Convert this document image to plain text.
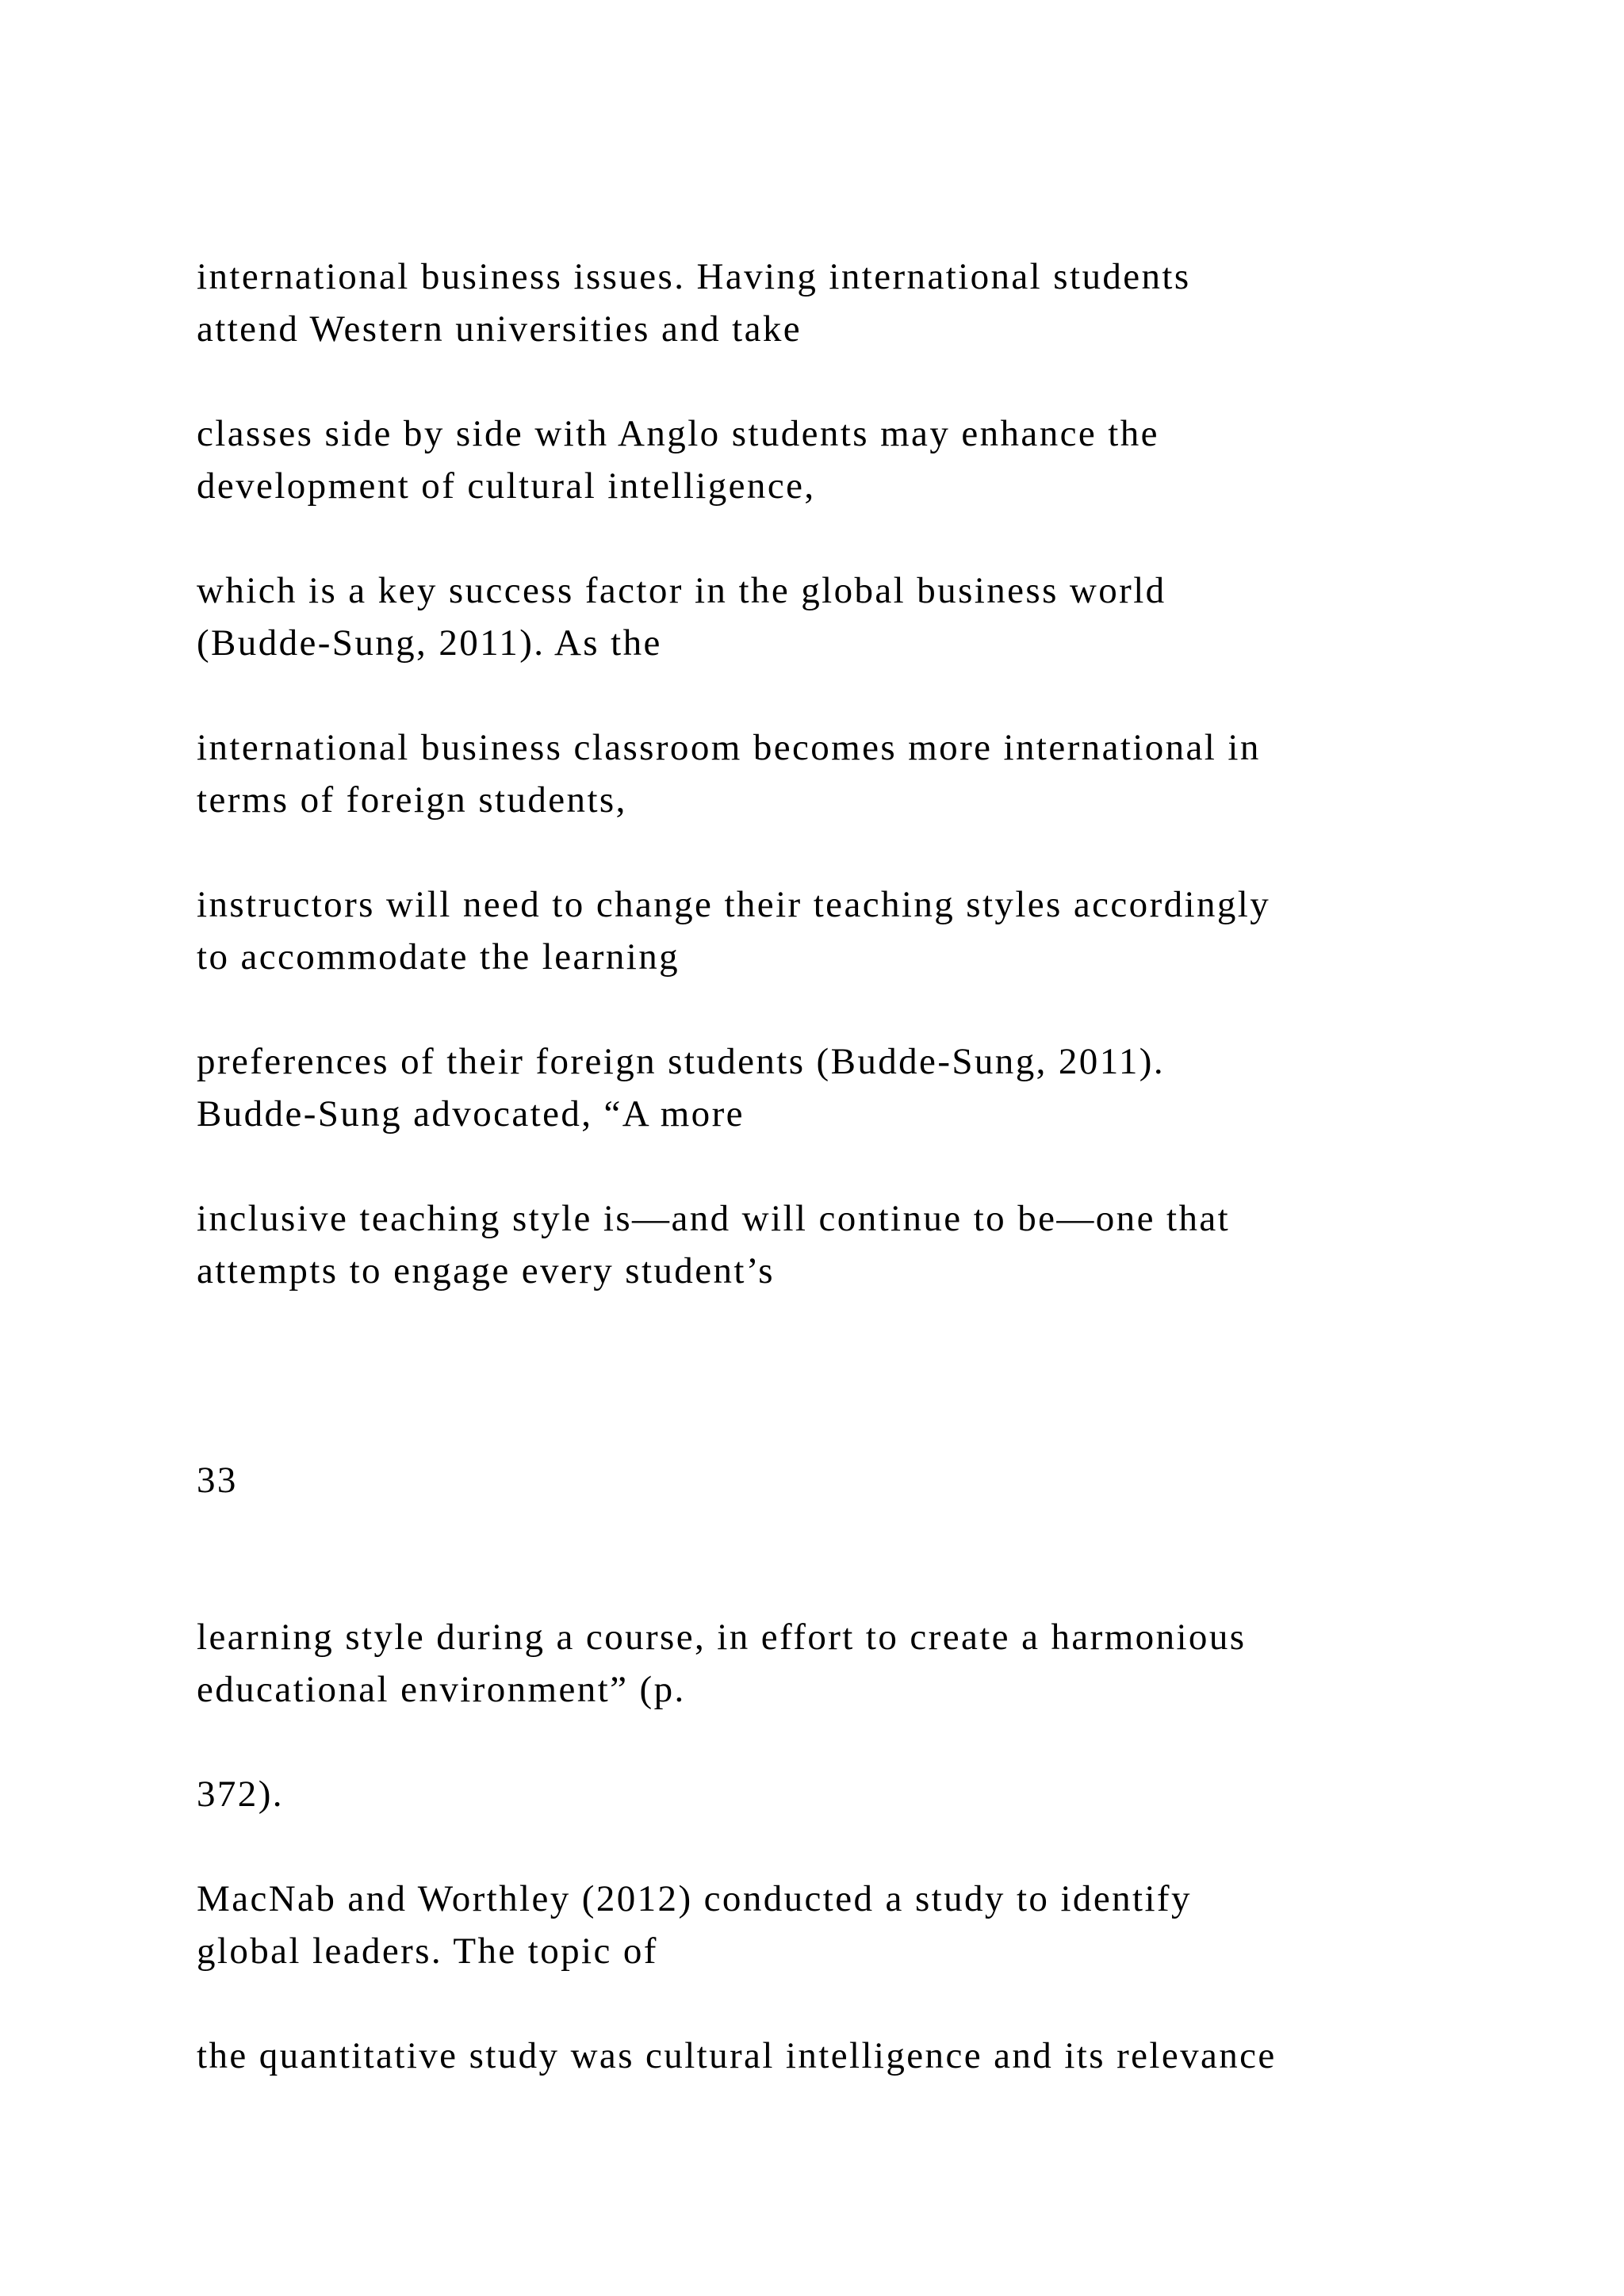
international business issues. Having international students

attend Western universities and take

classes side by side with Anglo students may enhance the

development of cultural intelligence,

which is a key success factor in the global business world

(Budde-Sung, 2011). As the

international business classroom becomes more international in

terms of foreign students,

instructors will need to change their teaching styles accordingly

to accommodate the learning

preferences of their foreign students (Budde-Sung, 2011).

Budde-Sung advocated, “A more

inclusive teaching style is—and will continue to be—one that

attempts to engage every student’s

33

learning style during a course, in effort to create a harmonious

educational environment” (p.

372).

MacNab and Worthley (2012) conducted a study to identify

global leaders. The topic of

the quantitative study was cultural intelligence and its relevance
